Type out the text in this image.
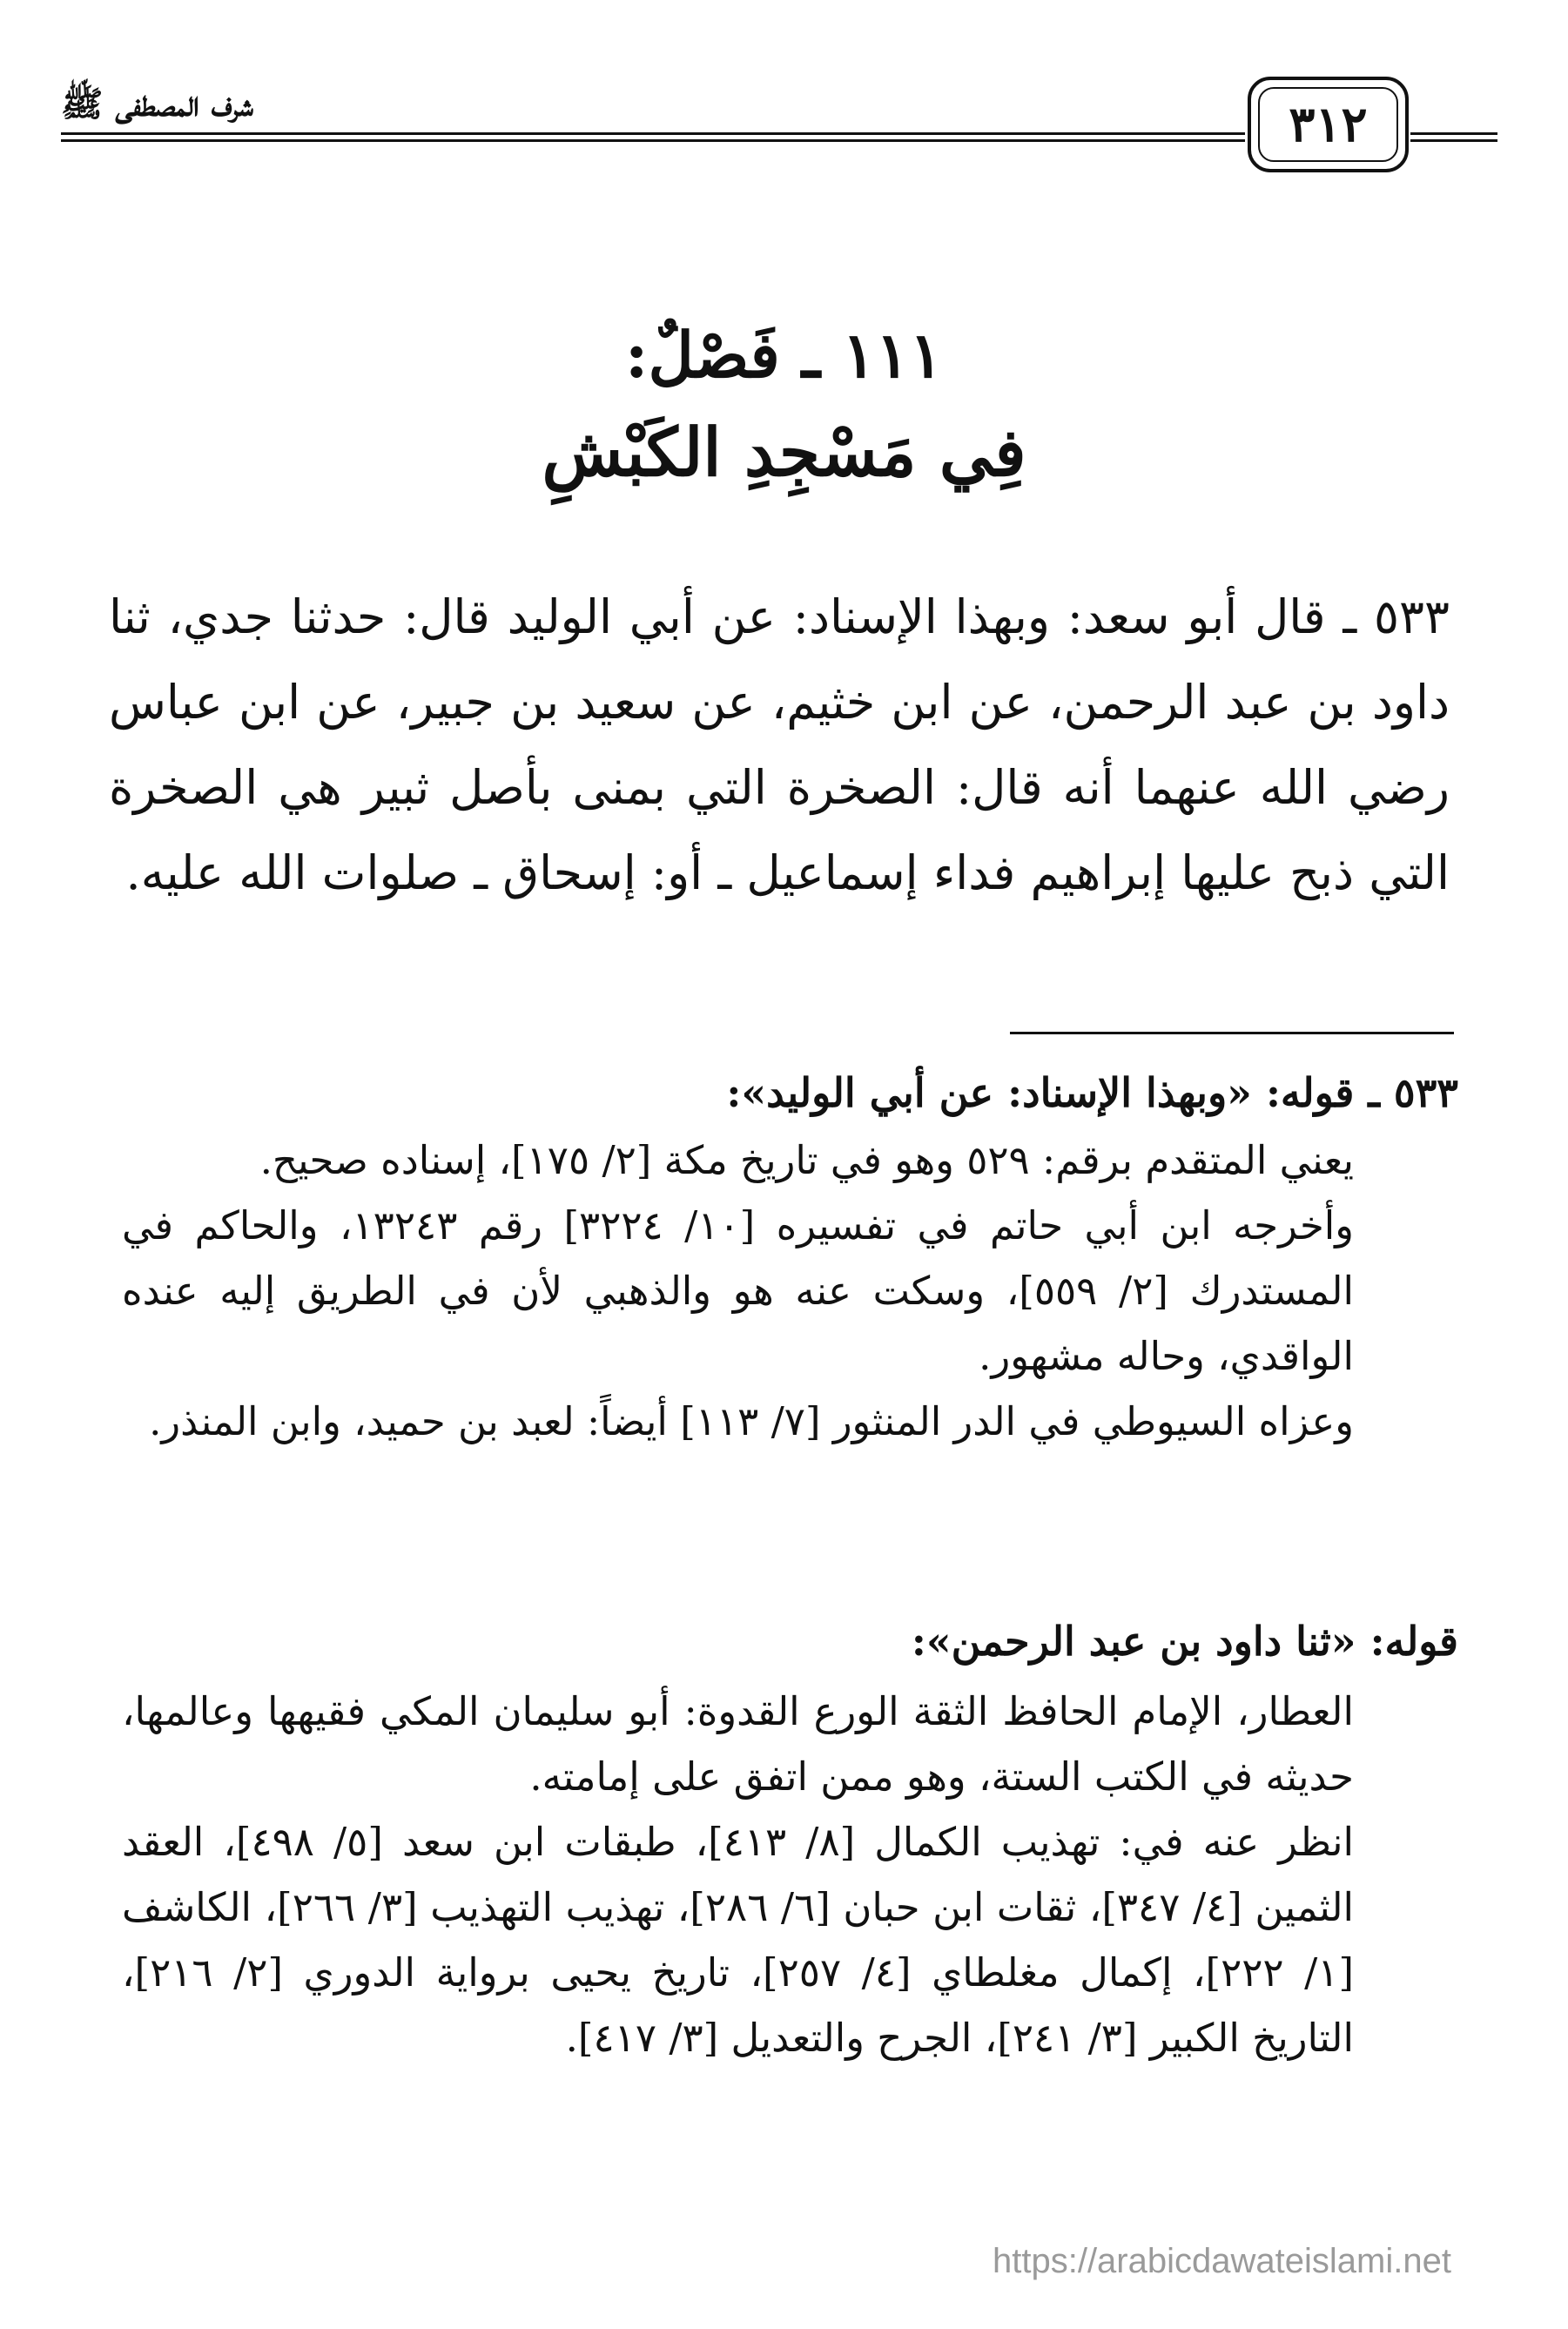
شرف المصطفى ﷺ	٣١٢
١١١ ـ فَصْلٌ:
فِي مَسْجِدِ الكَبْشِ
٥٣٣ ـ قال أبو سعد: وبهذا الإسناد: عن أبي الوليد قال: حدثنا جدي، ثنا داود بن عبد الرحمن، عن ابن خثيم، عن سعيد بن جبير، عن ابن عباس رضي الله عنهما أنه قال: الصخرة التي بمنى بأصل ثبير هي الصخرة التي ذبح عليها إبراهيم فداء إسماعيل ـ أو: إسحاق ـ صلوات الله عليه.
٥٣٣ ـ قوله: «وبهذا الإسناد: عن أبي الوليد»:

يعني المتقدم برقم: ٥٢٩ وهو في تاريخ مكة [٢/ ١٧٥]، إسناده صحيح.

وأخرجه ابن أبي حاتم في تفسيره [١٠/ ٣٢٢٤] رقم ١٣٢٤٣، والحاكم في المستدرك [٢/ ٥٥٩]، وسكت عنه هو والذهبي لأن في الطريق إليه عنده الواقدي، وحاله مشهور.

وعزاه السيوطي في الدر المنثور [٧/ ١١٣] أيضاً: لعبد بن حميد، وابن المنذر.

قوله: «ثنا داود بن عبد الرحمن»:

العطار، الإمام الحافظ الثقة الورع القدوة: أبو سليمان المكي فقيهها وعالمها، حديثه في الكتب الستة، وهو ممن اتفق على إمامته.

انظر عنه في: تهذيب الكمال [٨/ ٤١٣]، طبقات ابن سعد [٥/ ٤٩٨]، العقد الثمين [٤/ ٣٤٧]، ثقات ابن حبان [٦/ ٢٨٦]، تهذيب التهذيب [٣/ ٢٦٦]، الكاشف [١/ ٢٢٢]، إكمال مغلطاي [٤/ ٢٥٧]، تاريخ يحيى برواية الدوري [٢/ ٢١٦]، التاريخ الكبير [٣/ ٢٤١]، الجرح والتعديل [٣/ ٤١٧].

https://arabicdawateislami.net
